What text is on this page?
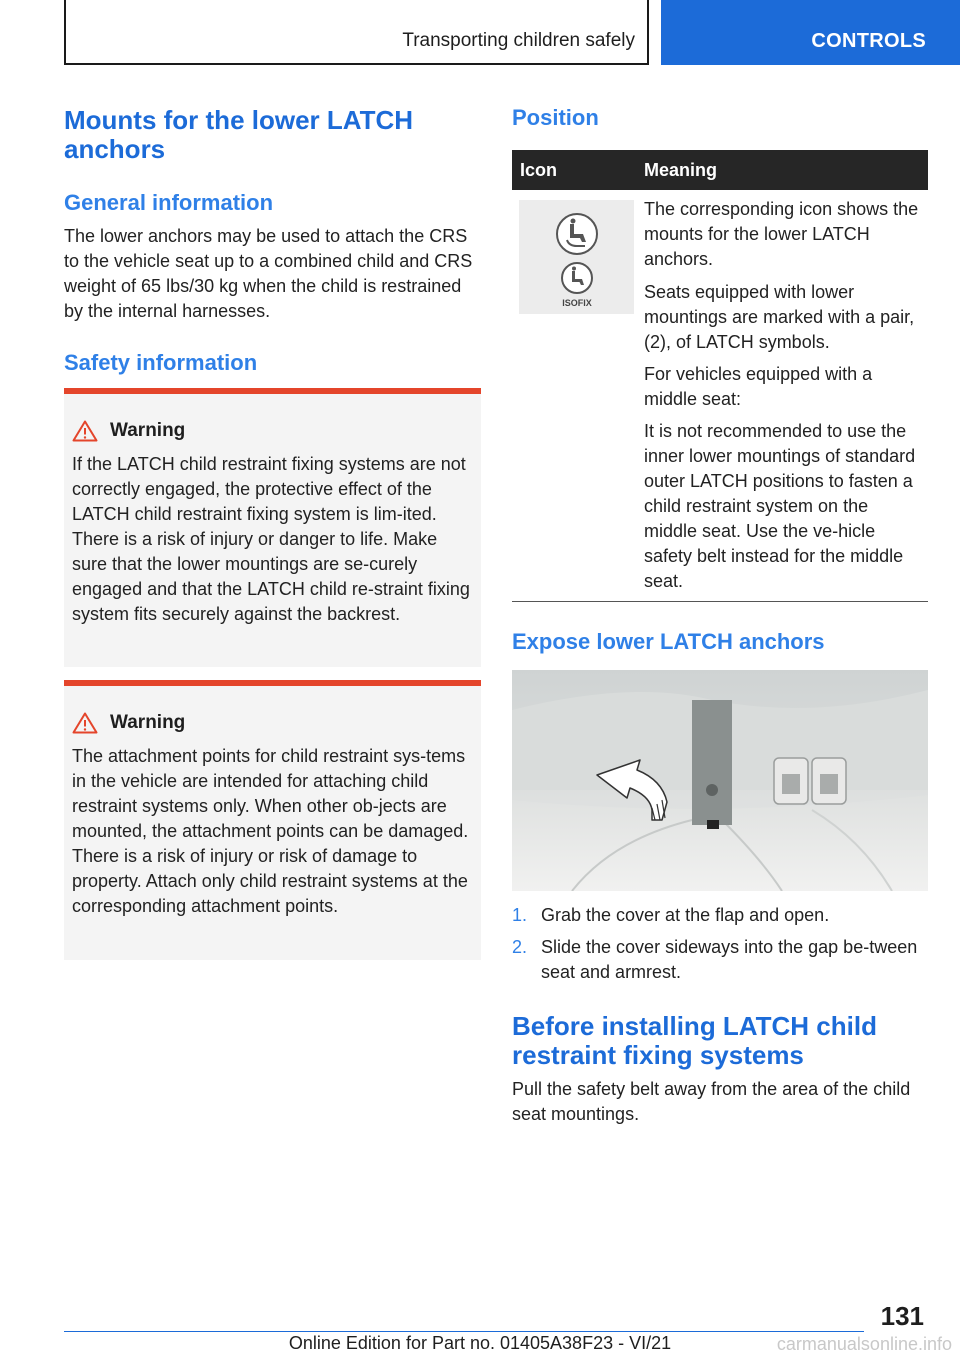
Transporting children safely	CONTROLS
Mounts for the lower LATCH anchors
General information
The lower anchors may be used to attach the CRS to the vehicle seat up to a combined child and CRS weight of 65 lbs/30 kg when the child is restrained by the internal harnesses.
Safety information
Warning
If the LATCH child restraint fixing systems are not correctly engaged, the protective effect of the LATCH child restraint fixing system is lim-ited. There is a risk of injury or danger to life. Make sure that the lower mountings are se-curely engaged and that the LATCH child re-straint fixing system fits securely against the backrest.
Warning
The attachment points for child restraint sys-tems in the vehicle are intended for attaching child restraint systems only. When other ob-jects are mounted, the attachment points can be damaged. There is a risk of injury or risk of damage to property. Attach only child restraint systems at the corresponding attachment points.
Position
Icon	Meaning
ISOFIX
The corresponding icon shows the mounts for the lower LATCH anchors.
Seats equipped with lower mountings are marked with a pair, (2), of LATCH symbols.
For vehicles equipped with a middle seat:
It is not recommended to use the inner lower mountings of standard outer LATCH positions to fasten a child restraint system on the middle seat. Use the ve-hicle safety belt instead for the middle seat.
Expose lower LATCH anchors
1. Grab the cover at the flap and open.
2. Slide the cover sideways into the gap be-tween seat and armrest.
Before installing LATCH child restraint fixing systems
Pull the safety belt away from the area of the child seat mountings.
131
Online Edition for Part no. 01405A38F23 - VI/21	carmanualsonline.info
